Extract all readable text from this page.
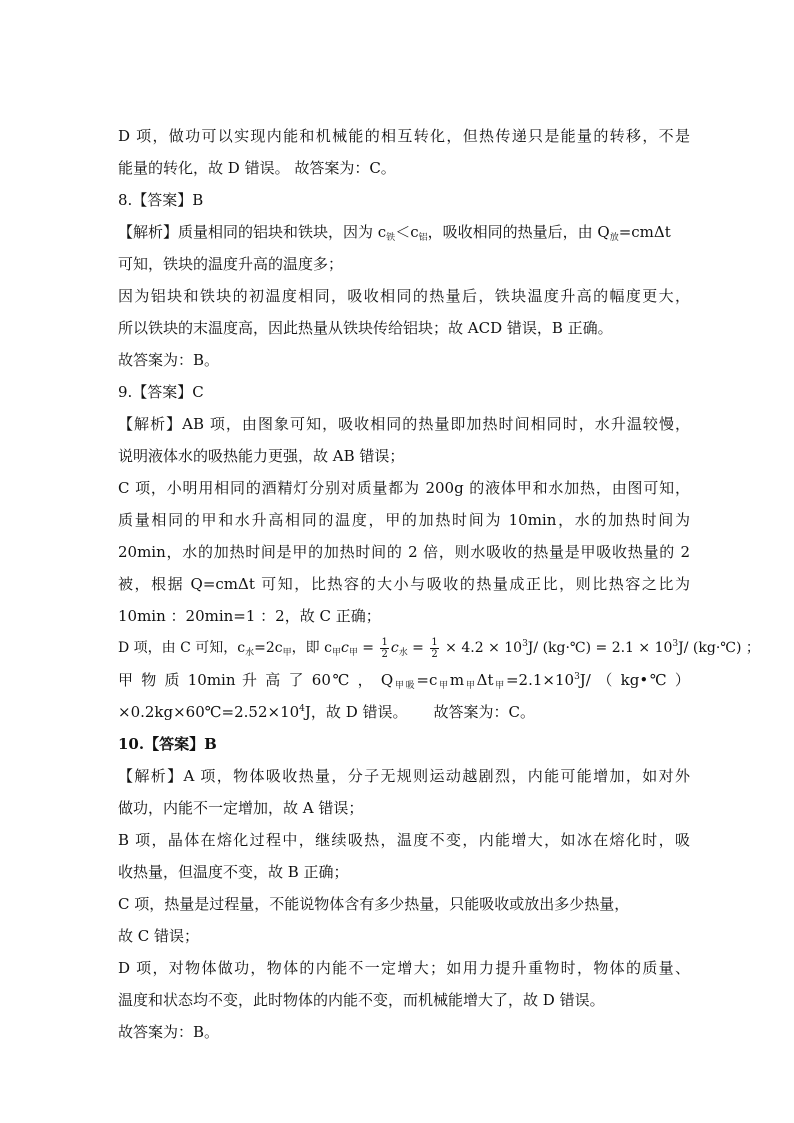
D 项，做功可以实现内能和机械能的相互转化，但热传递只是能量的转移，不是
能量的转化，故 D 错误。 故答案为：C。
8.【答案】B
【解析】质量相同的铝块和铁块，因为 $c_铁<c_铝$，吸收相同的热量后，由 $Q_放=cm\Delta t$
可知，铁块的温度升高的温度多；
因为铝块和铁块的初温度相同，吸收相同的热量后，铁块温度升高的幅度更大，
所以铁块的末温度高，因此热量从铁块传给铝块；故 ACD 错误，B 正确。
故答案为：B。
9.【答案】C
【解析】AB 项，由图象可知，吸收相同的热量即加热时间相同时，水升温较慢，
说明液体水的吸热能力更强，故 AB 错误；
C 项，小明用相同的酒精灯分别对质量都为 200g 的液体甲和水加热，由图可知，
质量相同的甲和水升高相同的温度，甲的加热时间为 10min，水的加热时间为
20min，水的加热时间是甲的加热时间的 2 倍，则水吸收的热量是甲吸收热量的 2
被，根据 Q=cmΔt 可知，比热容的大小与吸收的热量成正比，则比热容之比为
10min ：20min=1 ：2，故 C 正确；
D 项，由 C 可知，$c_水=2c_甲$，即 $c_甲c_甲 = \frac{1}{2} c_水 = \frac{1}{2} \times 4.2 \times 10^3J/$ (kg·℃) = $2.1 \times 10^3J/$ (kg·℃) ；
甲 物 质 10min 升 高 了 60℃ ， $Q_{甲吸}=c_甲m_甲\Delta t_甲=2.1\times 10^3J/$ （ kg•℃ ）
$\times 0.2kg\times 60℃=2.52\times 10^4J$，故 D 错误。 故答案为：C。
10.【答案】B
【解析】A 项，物体吸收热量，分子无规则运动越剧烈，内能可能增加，如对外
做功，内能不一定增加，故 A 错误；
B 项，晶体在熔化过程中，继续吸热，温度不变，内能增大，如冰在熔化时，吸
收热量，但温度不变，故 B 正确；
C 项，热量是过程量，不能说物体含有多少热量，只能吸收或放出多少热量，
故 C 错误；
D 项，对物体做功，物体的内能不一定增大；如用力提升重物时，物体的质量、
温度和状态均不变，此时物体的内能不变，而机械能增大了，故 D 错误。
故答案为：B。
